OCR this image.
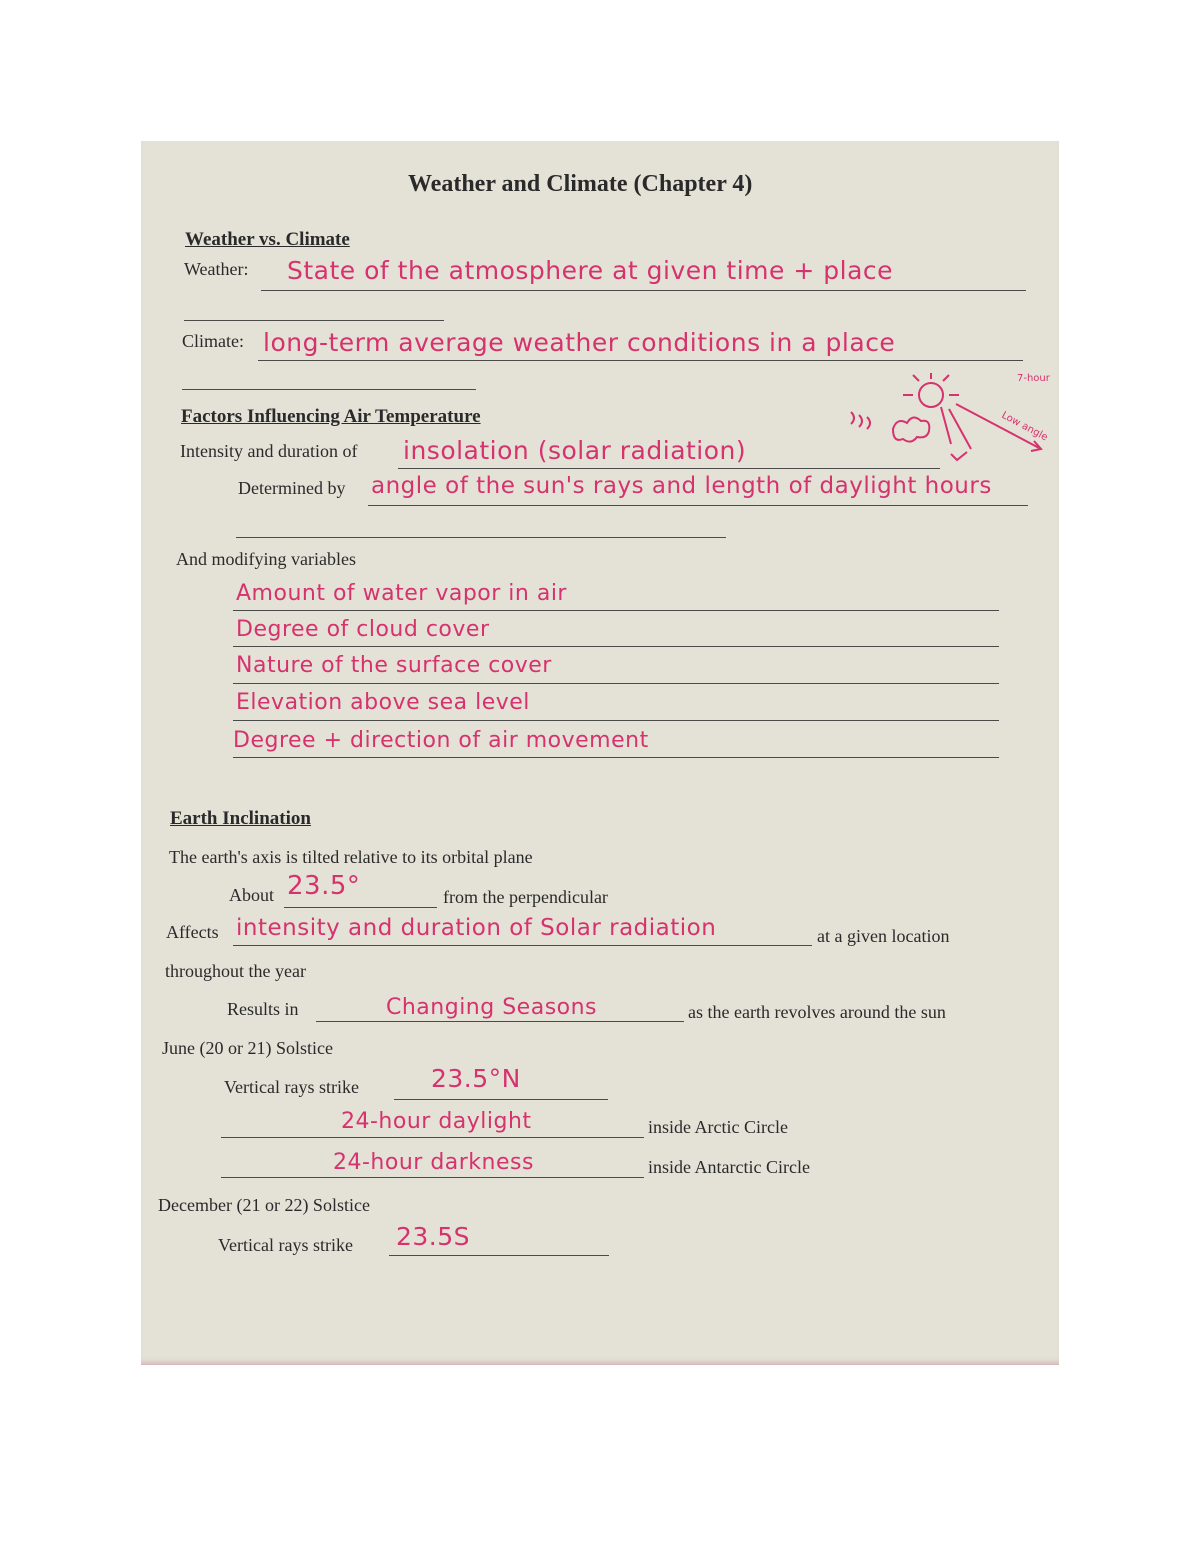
Weather and Climate (Chapter 4)
Weather vs. Climate
Weather: State of the atmosphere at given time + place
Climate: long-term average weather conditions in a place
Factors Influencing Air Temperature
Intensity and duration of insolation (solar radiation)
7-hour
Low angle
Determined by angle of the sun's rays and length of daylight hours
And modifying variables
Amount of water vapor in air
Degree of cloud cover
Nature of the surface cover
Elevation above sea level
Degree + direction of air movement
Earth Inclination
The earth's axis is tilted relative to its orbital plane
About 23.5°	from the perpendicular
Affects intensity and duration of Solar radiation	at a given location
throughout the year
Results in	Changing Seasons	as the earth revolves around the sun
June (20 or 21) Solstice
Vertical rays strike	23.5°N
24-hour daylight	inside Arctic Circle
24-hour darkness	inside Antarctic Circle
December (21 or 22) Solstice
Vertical rays strike 23.5S
